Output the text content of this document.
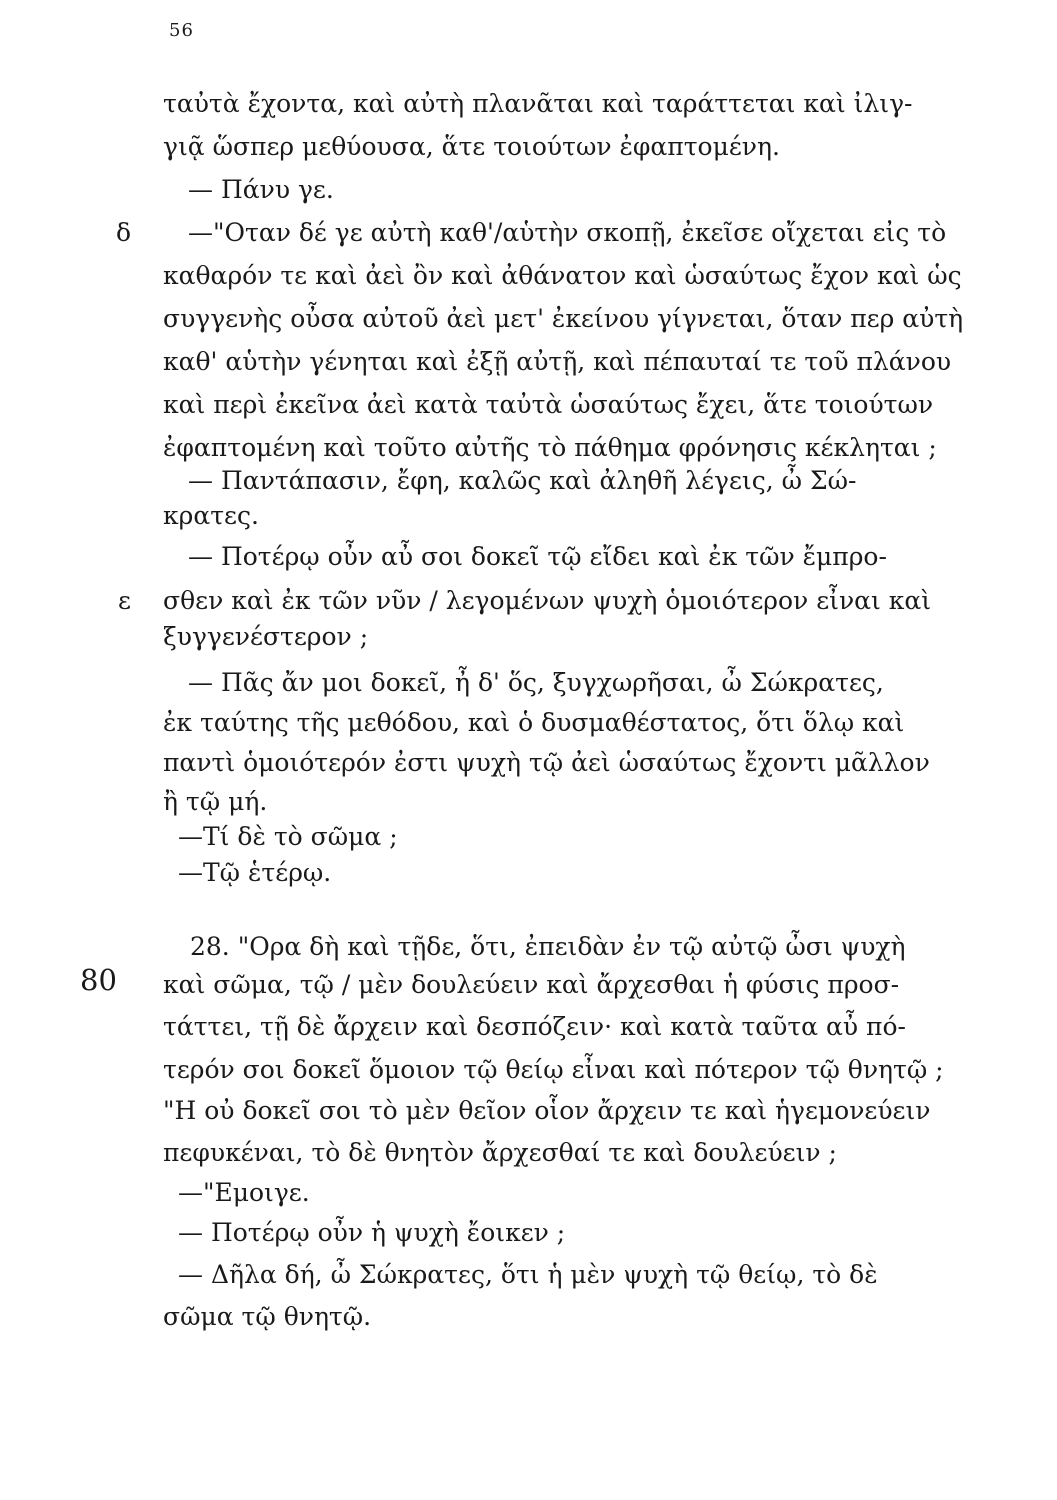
56
δ
ε
80
ταὐτὰ ἔχοντα, καὶ αὐτὴ πλανᾶται καὶ ταράττεται καὶ ἰλιγ-
γιᾷ ὥσπερ μεθύουσα, ἅτε τοιούτων ἐφαπτομένη.
— Πάνυ γε.
—"Οταν δέ γε αὐτὴ καθ'/αὑτὴν σκοπῇ, ἐκεῖσε οἴχεται εἰς τὸ
καθαρόν τε καὶ ἀεὶ ὂν καὶ ἀθάνατον καὶ ὡσαύτως ἔχον καὶ ὡς
συγγενὴς οὖσα αὐτοῦ ἀεὶ μετ' ἐκείνου γίγνεται, ὅταν περ αὐτὴ
καθ' αὑτὴν γένηται καὶ ἐξῇ αὐτῇ, καὶ πέπαυταί τε τοῦ πλάνου
καὶ περὶ ἐκεῖνα ἀεὶ κατὰ ταὐτὰ ὡσαύτως ἔχει, ἅτε τοιούτων
ἐφαπτομένη καὶ τοῦτο αὐτῆς τὸ πάθημα φρόνησις κέκληται ;
— Παντάπασιν, ἔφη, καλῶς καὶ ἀληθῆ λέγεις, ὦ Σώ-
κρατες.
— Ποτέρῳ οὖν αὖ σοι δοκεῖ τῷ εἴδει καὶ ἐκ τῶν ἔμπρο-
σθεν καὶ ἐκ τῶν νῦν / λεγομένων ψυχὴ ὁμοιότερον εἶναι καὶ
ξυγγενέστερον ;
— Πᾶς ἄν μοι δοκεῖ, ἦ δ' ὅς, ξυγχωρῆσαι, ὦ Σώκρατες,
ἐκ ταύτης τῆς μεθόδου, καὶ ὁ δυσμαθέστατος, ὅτι ὅλῳ καὶ
παντὶ ὁμοιότερόν ἐστι ψυχὴ τῷ ἀεὶ ὡσαύτως ἔχοντι μᾶλλον
ἢ τῷ μή.
—Τί δὲ τὸ σῶμα ;
—Τῷ ἑτέρῳ.
28. "Ορα δὴ καὶ τῇδε, ὅτι, ἐπειδὰν ἐν τῷ αὐτῷ ὦσι ψυχὴ
καὶ σῶμα, τῷ / μὲν δουλεύειν καὶ ἄρχεσθαι ἡ φύσις προσ-
τάττει, τῇ δὲ ἄρχειν καὶ δεσπόζειν· καὶ κατὰ ταῦτα αὖ πό-
τερόν σοι δοκεῖ ὅμοιον τῷ θείῳ εἶναι καὶ πότερον τῷ θνητῷ ;
"Η οὐ δοκεῖ σοι τὸ μὲν θεῖον οἷον ἄρχειν τε καὶ ἡγεμονεύειν
πεφυκέναι, τὸ δὲ θνητὸν ἄρχεσθαί τε καὶ δουλεύειν ;
—"Εμοιγε.
— Ποτέρῳ οὖν ἡ ψυχὴ ἔοικεν ;
— Δῆλα δή, ὦ Σώκρατες, ὅτι ἡ μὲν ψυχὴ τῷ θείῳ, τὸ δὲ
σῶμα τῷ θνητῷ.
